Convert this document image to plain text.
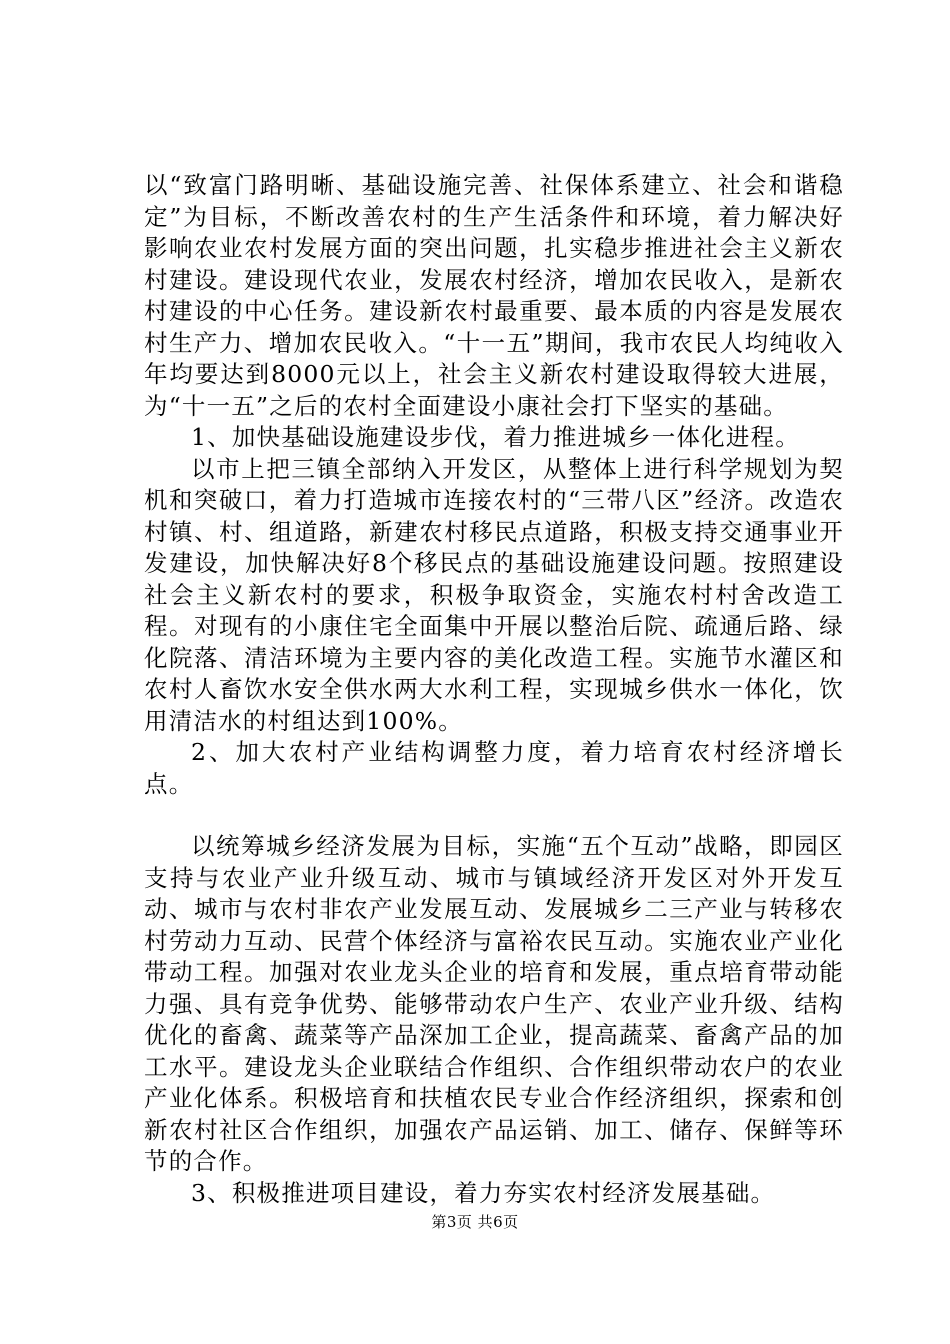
以“致富门路明晰、基础设施完善、社保体系建立、社会和谐稳定”为目标，不断改善农村的生产生活条件和环境，着力解决好影响农业农村发展方面的突出问题，扎实稳步推进社会主义新农村建设。建设现代农业，发展农村经济，增加农民收入，是新农村建设的中心任务。建设新农村最重要、最本质的内容是发展农村生产力、增加农民收入。“十一五”期间，我市农民人均纯收入年均要达到8000元以上，社会主义新农村建设取得较大进展，为“十一五”之后的农村全面建设小康社会打下坚实的基础。

1、加快基础设施建设步伐，着力推进城乡一体化进程。

以市上把三镇全部纳入开发区，从整体上进行科学规划为契机和突破口，着力打造城市连接农村的“三带八区”经济。改造农村镇、村、组道路，新建农村移民点道路，积极支持交通事业开发建设，加快解决好8个移民点的基础设施建设问题。按照建设社会主义新农村的要求，积极争取资金，实施农村村舍改造工程。对现有的小康住宅全面集中开展以整治后院、疏通后路、绿化院落、清洁环境为主要内容的美化改造工程。实施节水灌区和农村人畜饮水安全供水两大水利工程，实现城乡供水一体化，饮用清洁水的村组达到100%。

2、加大农村产业结构调整力度，着力培育农村经济增长点。

以统筹城乡经济发展为目标，实施“五个互动”战略，即园区支持与农业产业升级互动、城市与镇域经济开发区对外开发互动、城市与农村非农产业发展互动、发展城乡二三产业与转移农村劳动力互动、民营个体经济与富裕农民互动。实施农业产业化带动工程。加强对农业龙头企业的培育和发展，重点培育带动能力强、具有竞争优势、能够带动农户生产、农业产业升级、结构优化的畜禽、蔬菜等产品深加工企业，提高蔬菜、畜禽产品的加工水平。建设龙头企业联结合作组织、合作组织带动农户的农业产业化体系。积极培育和扶植农民专业合作经济组织，探索和创新农村社区合作组织，加强农产品运销、加工、储存、保鲜等环节的合作。

3、积极推进项目建设，着力夯实农村经济发展基础。

第3页 共6页
